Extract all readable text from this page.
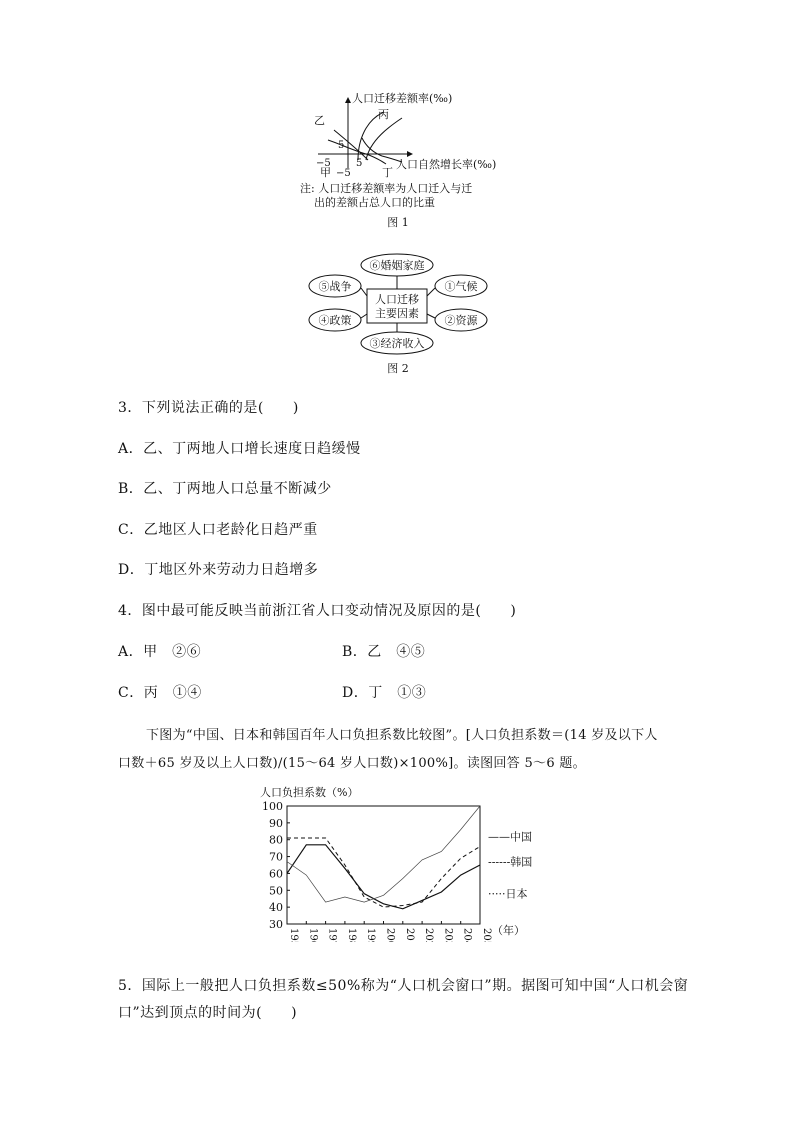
人口迁移差额率(‰)
人口自然增长率(‰)
5
5
−5
−5
甲
乙	丙
丁
注: 人口迁移差额率为人口迁入与迁
出的差额占总人口的比重
图 1
⑥婚姻家庭
⑤战争	①气候
④政策	②资源
③经济收入
人口迁移
主要因素
图 2
3．下列说法正确的是(　　)
A．乙、丁两地人口增长速度日趋缓慢
B．乙、丁两地人口总量不断减少
C．乙地区人口老龄化日趋严重
D．丁地区外来劳动力日趋增多
4．图中最可能反映当前浙江省人口变动情况及原因的是(　　)
A．甲　②⑥	B．乙　④⑤
C．丙　①④	D．丁　①③
下图为“中国、日本和韩国百年人口负担系数比较图”。[人口负担系数＝(14 岁及以下人
口数＋65 岁及以上人口数)/(15～64 岁人口数)×100%]。读图回答 5～6 题。
人口负担系数（%）
30
40
50
60
70
80
90
100
1950 1960 1970 1980 1990 2000 2010 2020 2030 2040 2050 （年）
——中国
------韩国
·····日本
5．国际上一般把人口负担系数≤50%称为“人口机会窗口”期。据图可知中国“人口机会窗
口”达到顶点的时间为(　　)
